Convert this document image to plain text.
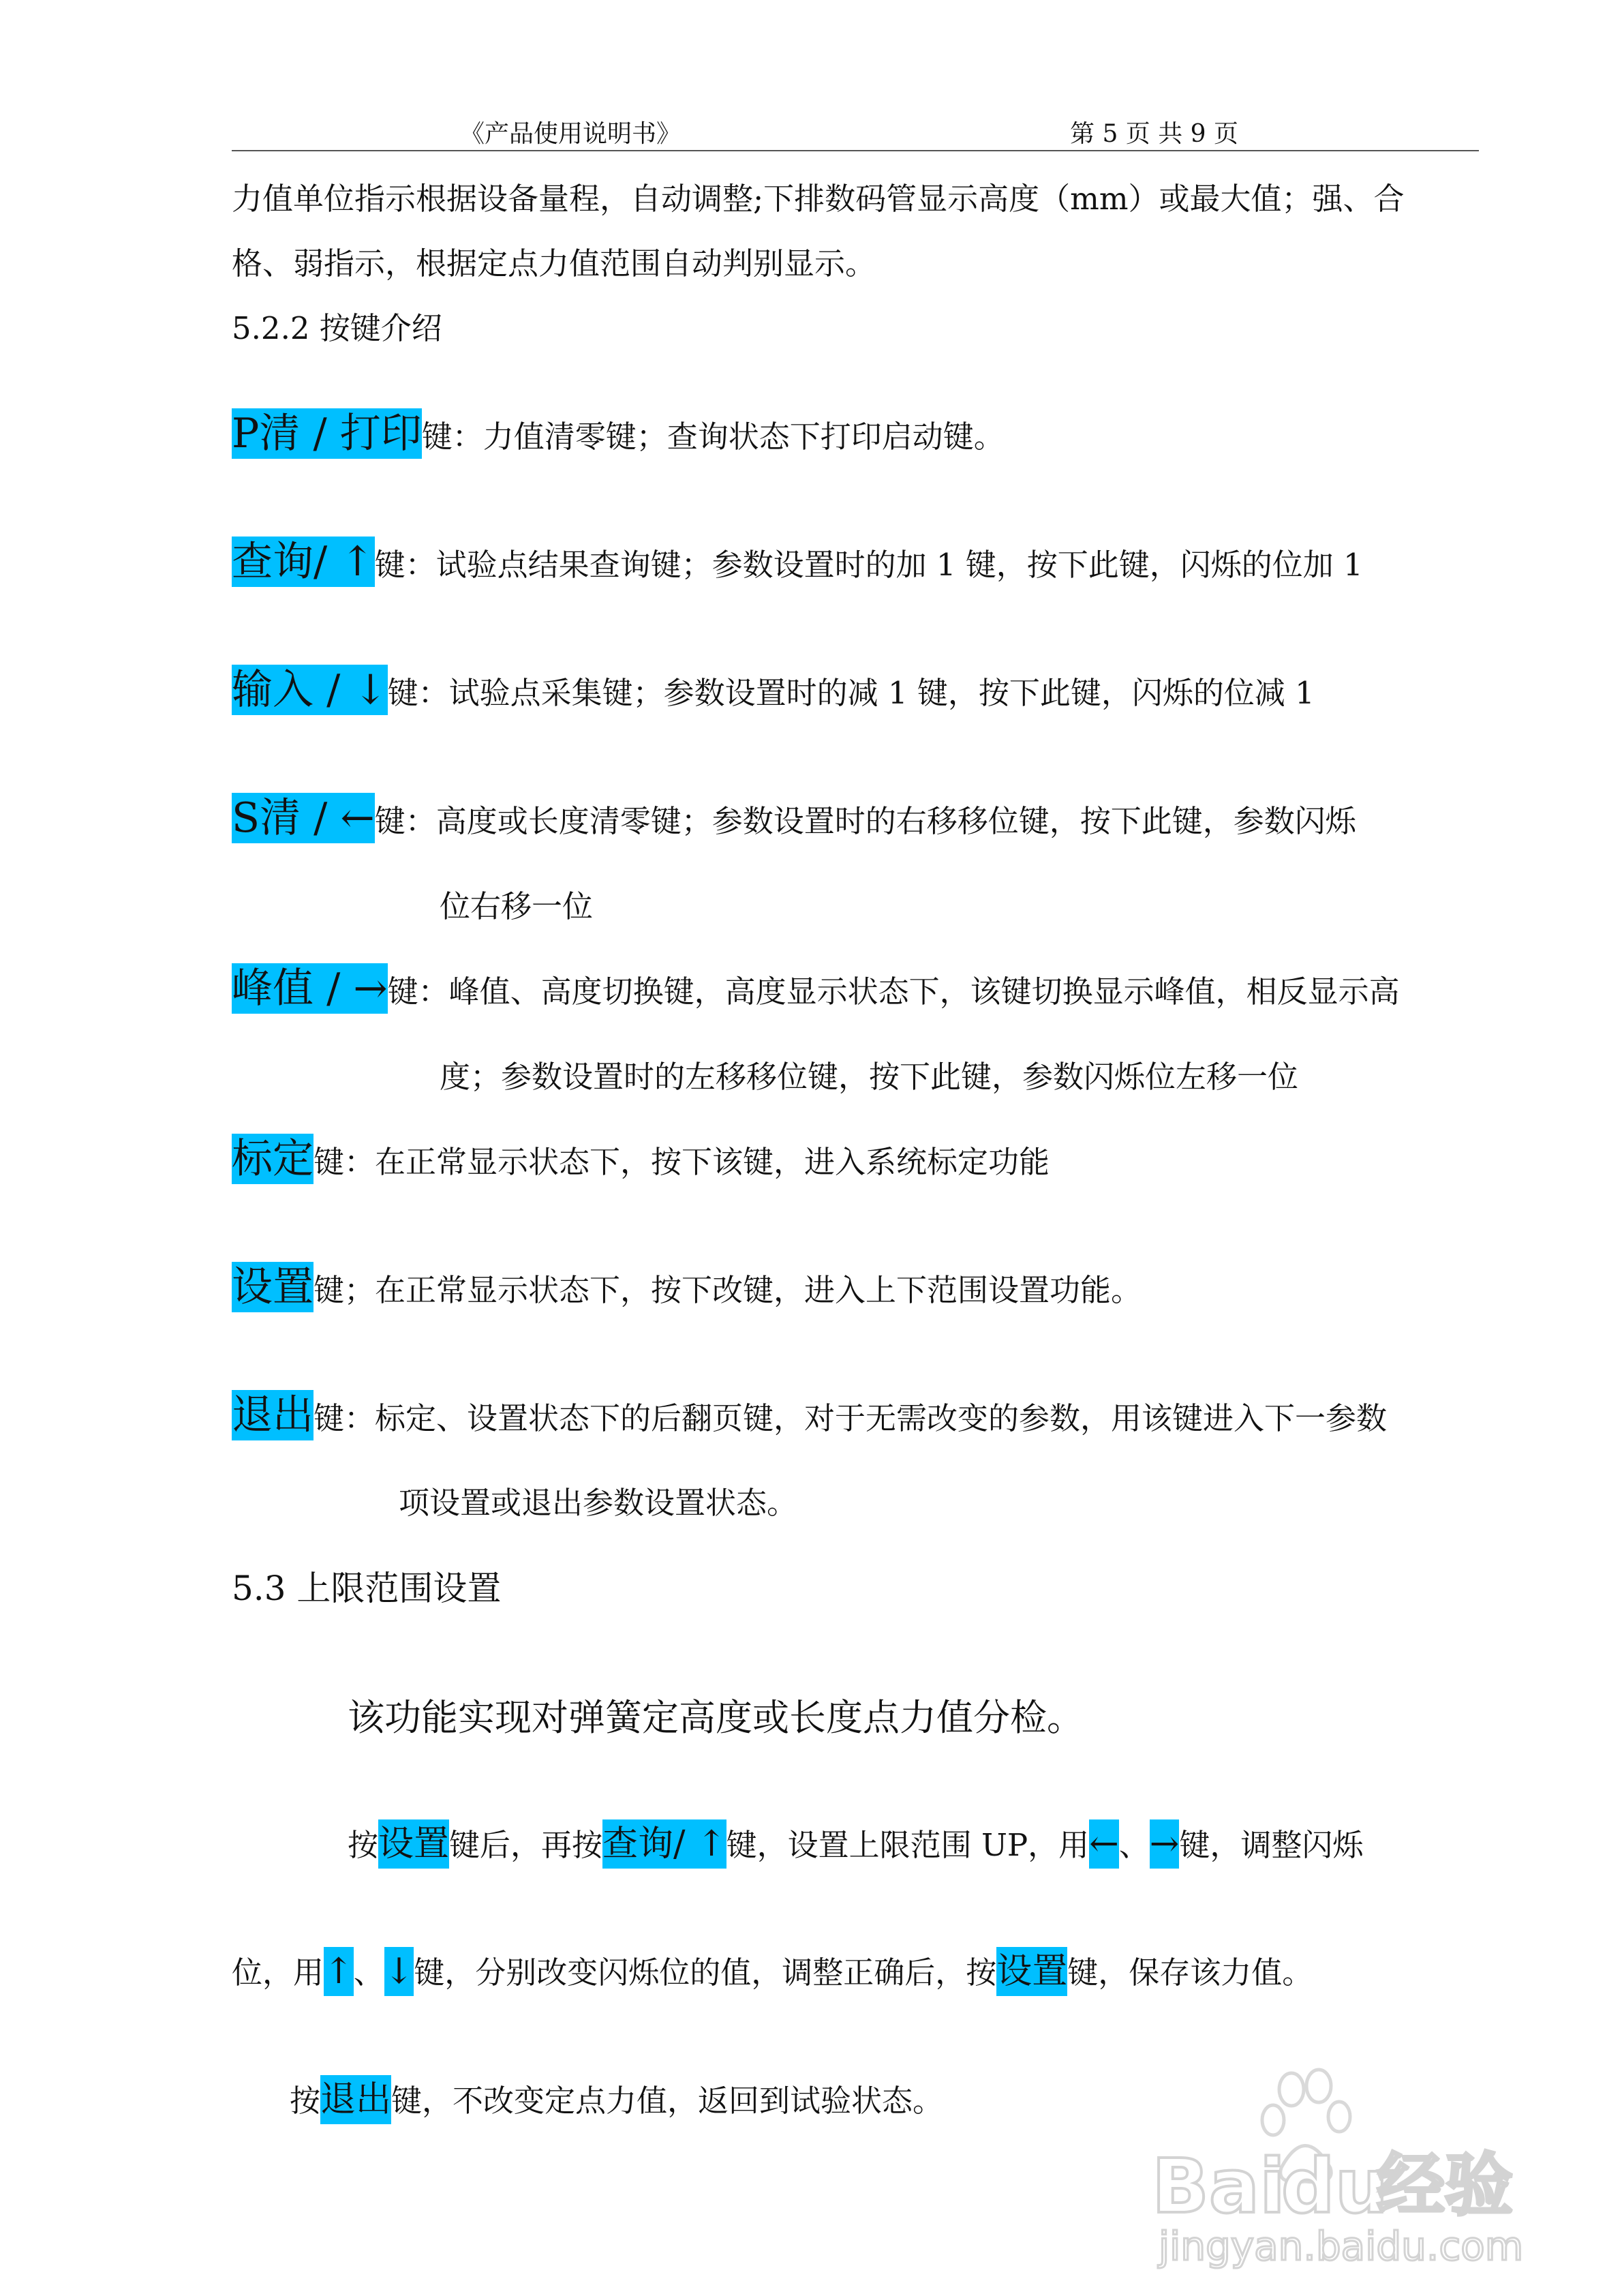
《产品使用说明书》	第 5 页 共 9 页
力值单位指示根据设备量程，自动调整;下排数码管显示高度（mm）或最大值；强、合
格、弱指示，根据定点力值范围自动判别显示。
5.2.2 按键介绍
P清 / 打印键：力值清零键；查询状态下打印启动键。
查询/ ↑键：试验点结果查询键；参数设置时的加 1 键，按下此键，闪烁的位加 1
输入 / ↓键：试验点采集键；参数设置时的减 1 键，按下此键，闪烁的位减 1
S清 / ←键：高度或长度清零键；参数设置时的右移移位键，按下此键，参数闪烁
位右移一位
峰值 / →键：峰值、高度切换键，高度显示状态下，该键切换显示峰值，相反显示高
度；参数设置时的左移移位键，按下此键，参数闪烁位左移一位
标定键：在正常显示状态下，按下该键，进入系统标定功能
设置键；在正常显示状态下，按下改键，进入上下范围设置功能。
退出键：标定、设置状态下的后翻页键，对于无需改变的参数，用该键进入下一参数
项设置或退出参数设置状态。
5.3 上限范围设置
该功能实现对弹簧定高度或长度点力值分检。
按设置键后，再按查询/ ↑键，设置上限范围 UP，用←、→键，调整闪烁
位，用↑、↓键，分别改变闪烁位的值，调整正确后，按设置键，保存该力值。
按退出键，不改变定点力值，返回到试验状态。
Bai
du
经验
jingyan.baidu.com
